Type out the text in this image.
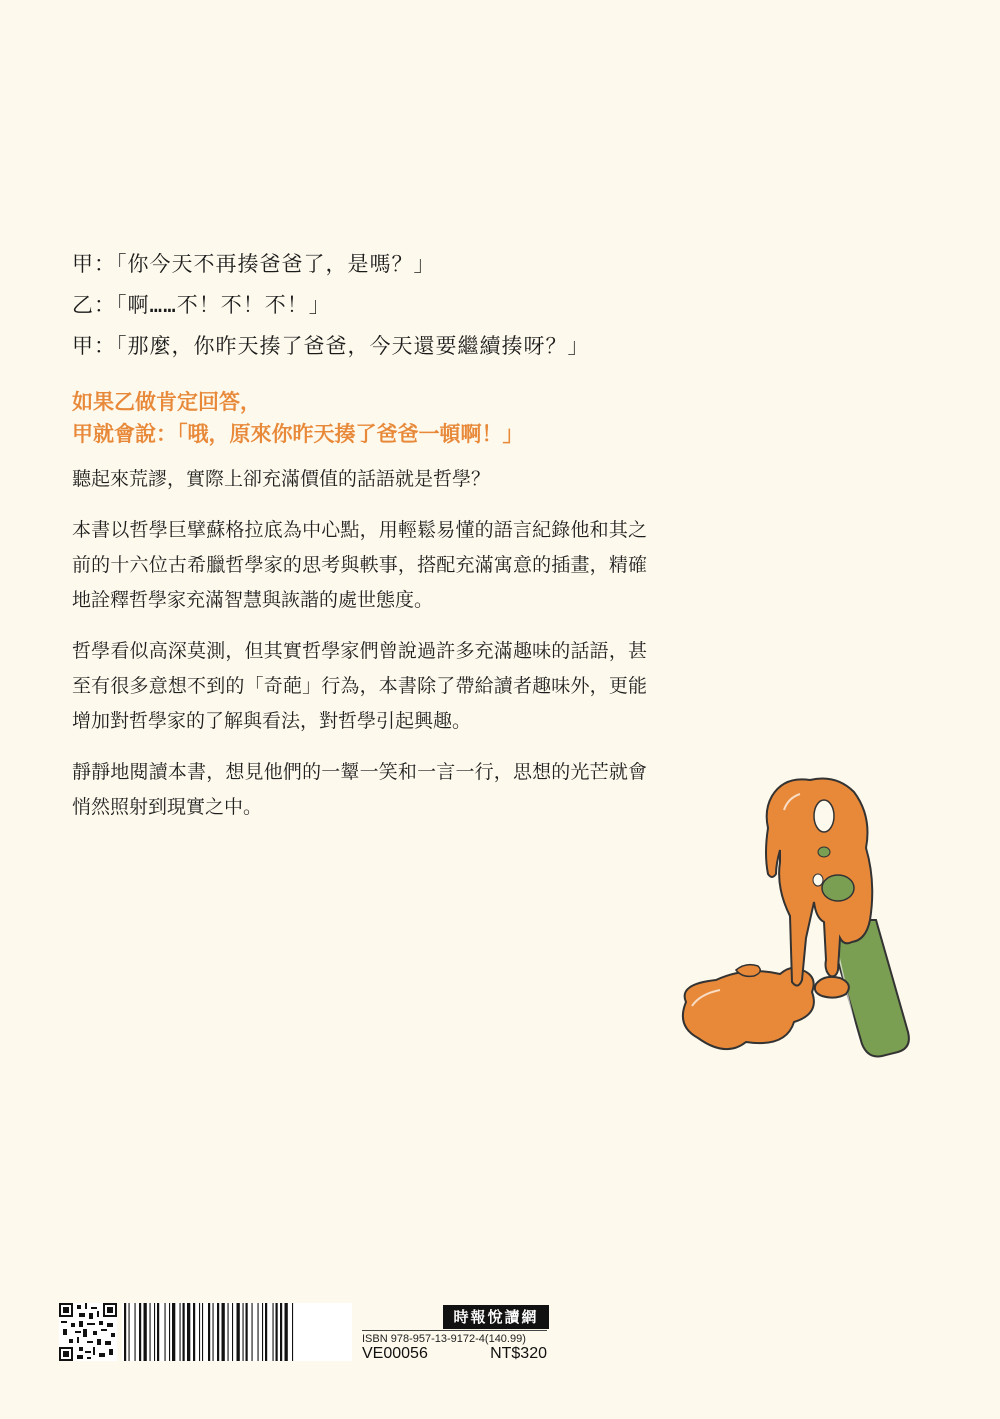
甲：「你今天不再揍爸爸了，是嗎？」
乙：「啊……不！不！不！」
甲：「那麼，你昨天揍了爸爸，今天還要繼續揍呀？」
如果乙做肯定回答，
甲就會說：「哦，原來你昨天揍了爸爸一頓啊！」

聽起來荒謬，實際上卻充滿價值的話語就是哲學？

本書以哲學巨擘蘇格拉底為中心點，用輕鬆易懂的語言紀錄他和其之前的十六位古希臘哲學家的思考與軼事，搭配充滿寓意的插畫，精確地詮釋哲學家充滿智慧與詼諧的處世態度。

哲學看似高深莫測，但其實哲學家們曾說過許多充滿趣味的話語，甚至有很多意想不到的「奇葩」行為，本書除了帶給讀者趣味外，更能增加對哲學家的了解與看法，對哲學引起興趣。

靜靜地閱讀本書，想見他們的一颦一笑和一言一行，思想的光芒就會悄然照射到現實之中。

時報悅讀網
ISBN 978-957-13-9172-4(140.99)
VE00056	NT$320
